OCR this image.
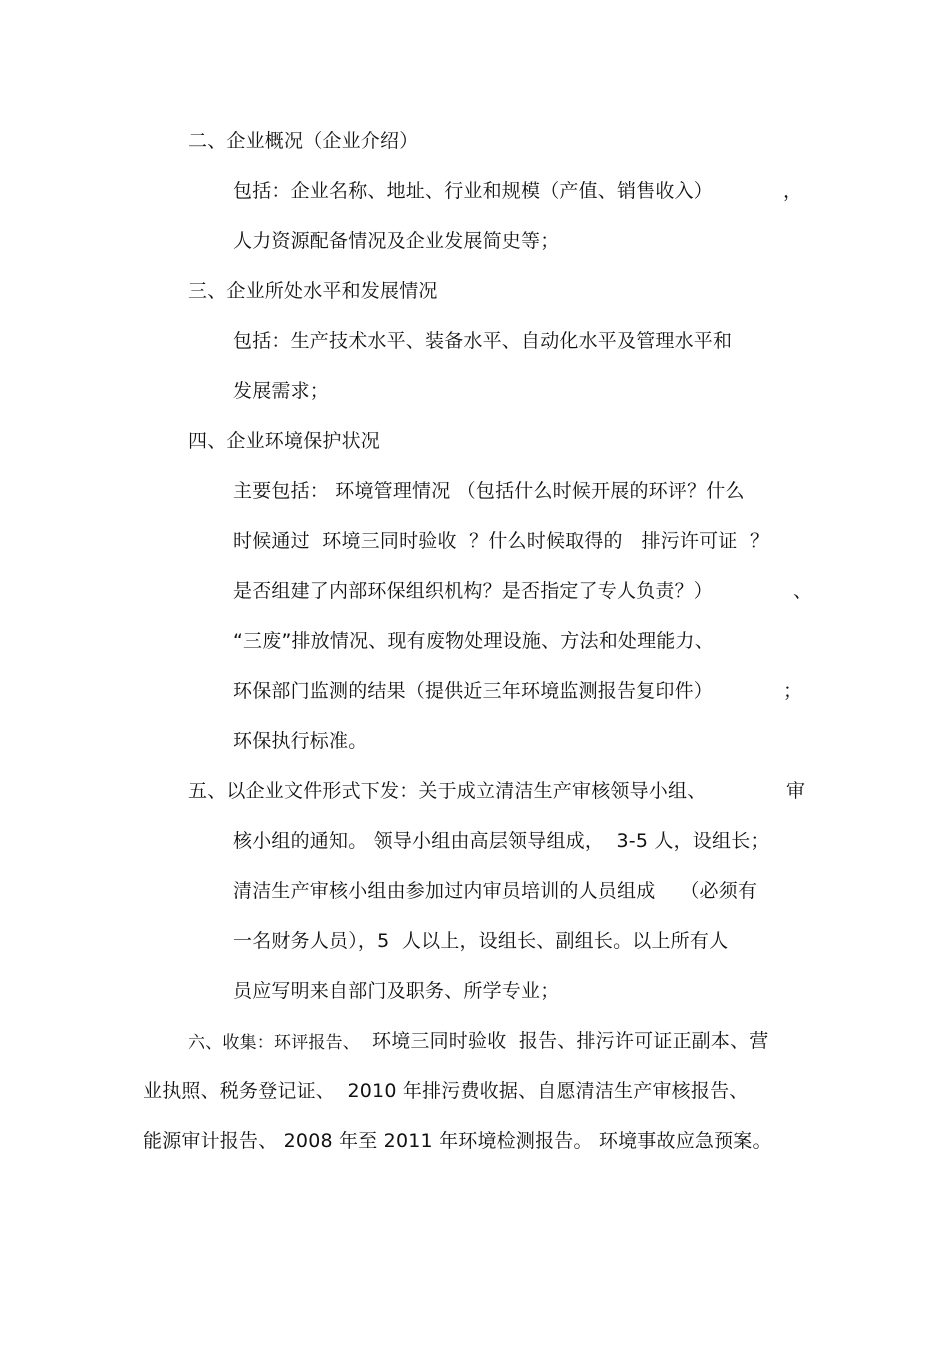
二、企业概况（企业介绍）
包括：企业名称、地址、行业和规模（产值、销售收入）	，
人力资源配备情况及企业发展简史等；
三、企业所处水平和发展情况
包括：生产技术水平、装备水平、自动化水平及管理水平和
发展需求；
四、企业环境保护状况
主要包括： 环境管理情况 （包括什么时候开展的环评？什么
时候通过  环境三同时验收  ？什么时候取得的   排污许可证  ？
是否组建了内部环保组织机构？是否指定了专人负责？）	、
“三废”排放情况、现有废物处理设施、方法和处理能力、
环保部门监测的结果（提供近三年环境监测报告复印件）	；
环保执行标准。
五、以企业文件形式下发：关于成立清洁生产审核领导小组、	审
核小组的通知。 领导小组由高层领导组成，  3-5 人，设组长；
清洁生产审核小组由参加过内审员培训的人员组成    （必须有
一名财务人员），5  人以上，设组长、副组长。以上所有人
员应写明来自部门及职务、所学专业；
六、收集：环评报告、 环境三同时验收  报告、排污许可证正副本、营
业执照、税务登记证、  2010 年排污费收据、自愿清洁生产审核报告、
能源审计报告、 2008 年至 2011 年环境检测报告。 环境事故应急预案。
